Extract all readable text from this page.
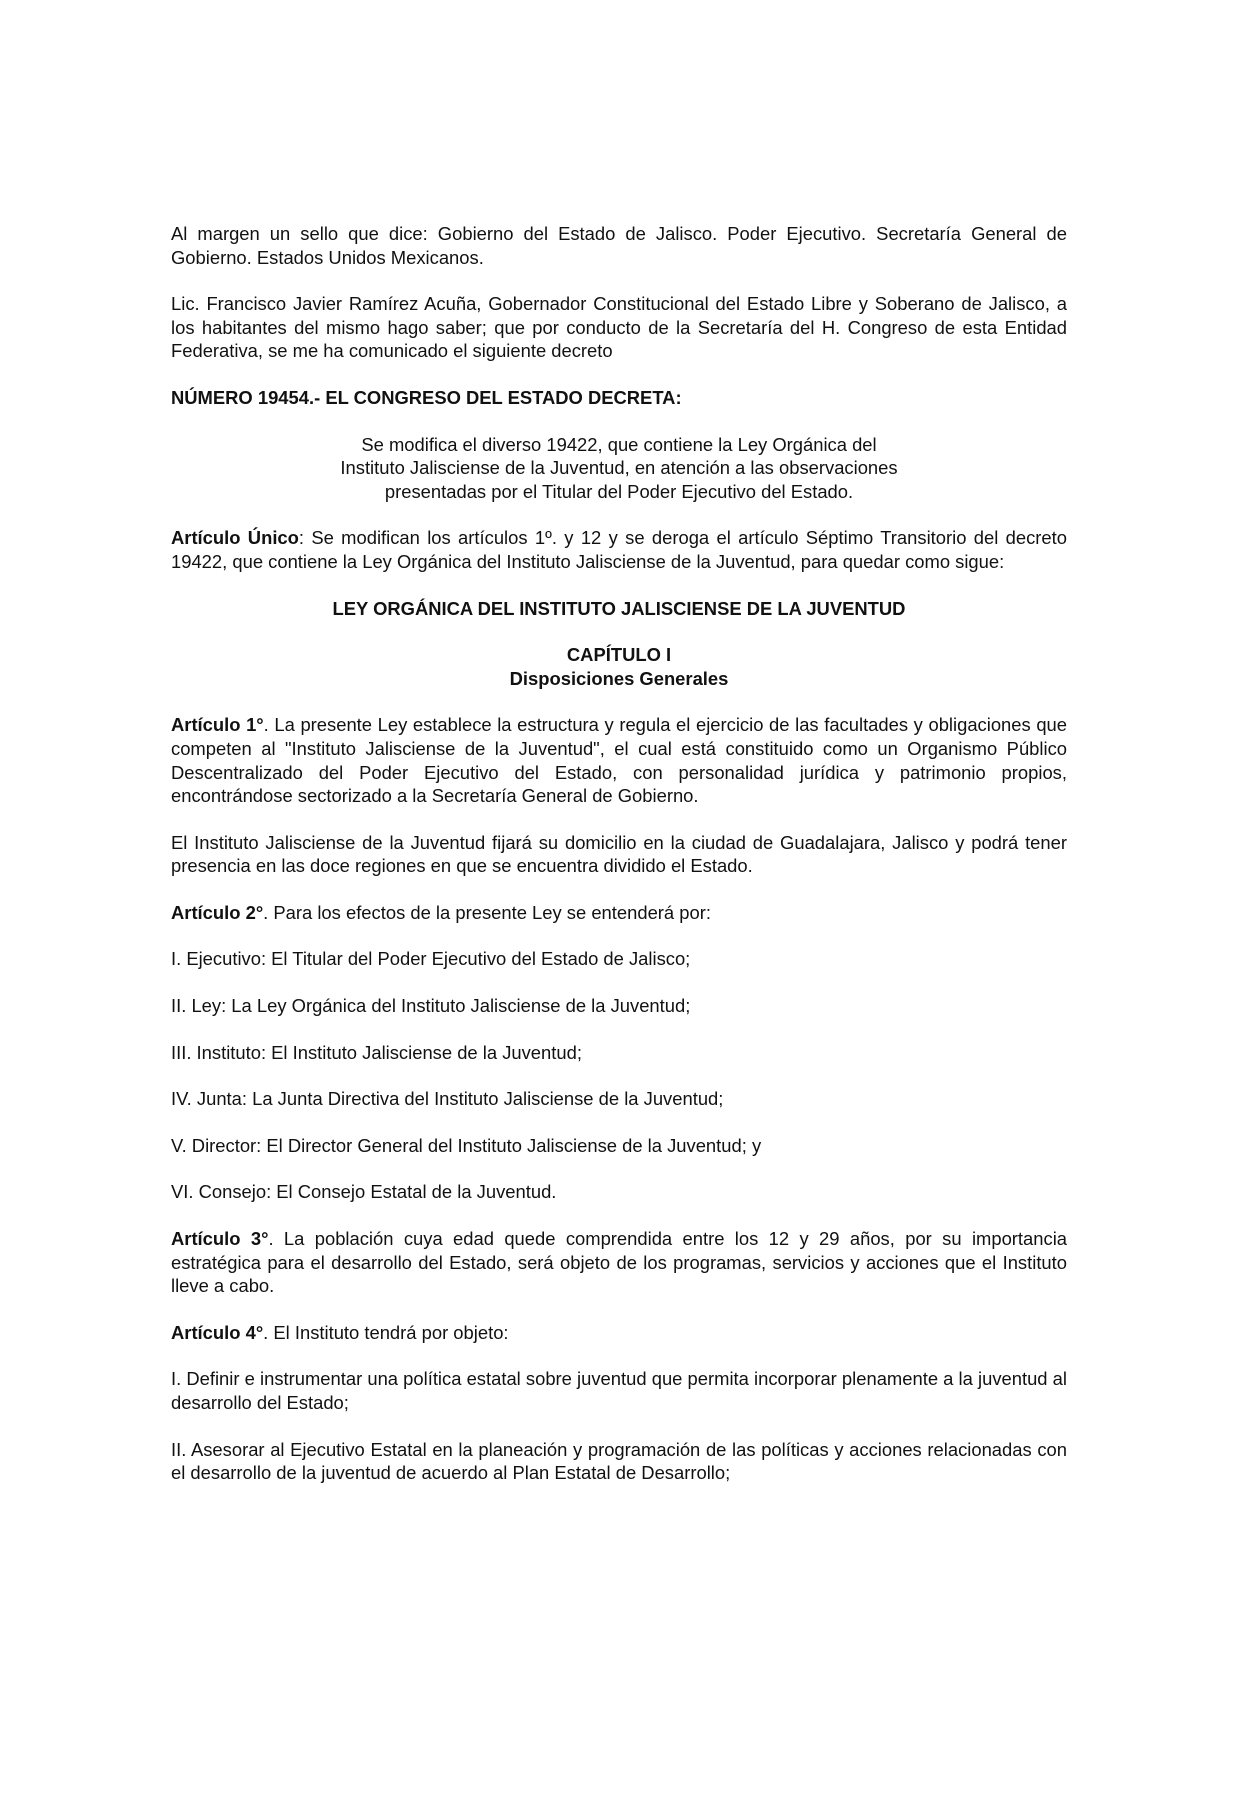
Al margen un sello que dice: Gobierno del Estado de Jalisco. Poder Ejecutivo. Secretaría General de Gobierno. Estados Unidos Mexicanos.

Lic. Francisco Javier Ramírez Acuña, Gobernador Constitucional del Estado Libre y Soberano de Jalisco, a los habitantes del mismo hago saber; que por conducto de la Secretaría del H. Congreso de esta Entidad Federativa, se me ha comunicado el siguiente decreto

NÚMERO 19454.- EL CONGRESO DEL ESTADO DECRETA:

Se modifica el diverso 19422, que contiene la Ley Orgánica del
Instituto Jalisciense de la Juventud, en atención a las observaciones
presentadas por el Titular del Poder Ejecutivo del Estado.

Artículo Único: Se modifican los artículos 1º. y 12 y se deroga el artículo Séptimo Transitorio del decreto 19422, que contiene la Ley Orgánica del Instituto Jalisciense de la Juventud, para quedar como sigue:

LEY ORGÁNICA DEL INSTITUTO JALISCIENSE DE LA JUVENTUD
CAPÍTULO I
Disposiciones Generales

Artículo 1°. La presente Ley establece la estructura y regula el ejercicio de las facultades y obligaciones que competen al "Instituto Jalisciense de la Juventud", el cual está constituido como un Organismo Público Descentralizado del Poder Ejecutivo del Estado, con personalidad jurídica y patrimonio propios, encontrándose sectorizado a la Secretaría General de Gobierno.

El Instituto Jalisciense de la Juventud fijará su domicilio en la ciudad de Guadalajara, Jalisco y podrá tener presencia en las doce regiones en que se encuentra dividido el Estado.

Artículo 2°. Para los efectos de la presente Ley se entenderá por:

I. Ejecutivo: El Titular del Poder Ejecutivo del Estado de Jalisco;

II. Ley: La Ley Orgánica del Instituto Jalisciense de la Juventud;

III. Instituto: El Instituto Jalisciense de la Juventud;

IV. Junta: La Junta Directiva del Instituto Jalisciense de la Juventud;

V. Director: El Director General del Instituto Jalisciense de la Juventud; y

VI. Consejo: El Consejo Estatal de la Juventud.

Artículo 3°. La población cuya edad quede comprendida entre los 12 y 29 años, por su importancia estratégica para el desarrollo del Estado, será objeto de los programas, servicios y acciones que el Instituto lleve a cabo.

Artículo 4°. El Instituto tendrá por objeto:

I. Definir e instrumentar una política estatal sobre juventud que permita incorporar plenamente a la juventud al desarrollo del Estado;

II. Asesorar al Ejecutivo Estatal en la planeación y programación de las políticas y acciones relacionadas con el desarrollo de la juventud de acuerdo al Plan Estatal de Desarrollo;
